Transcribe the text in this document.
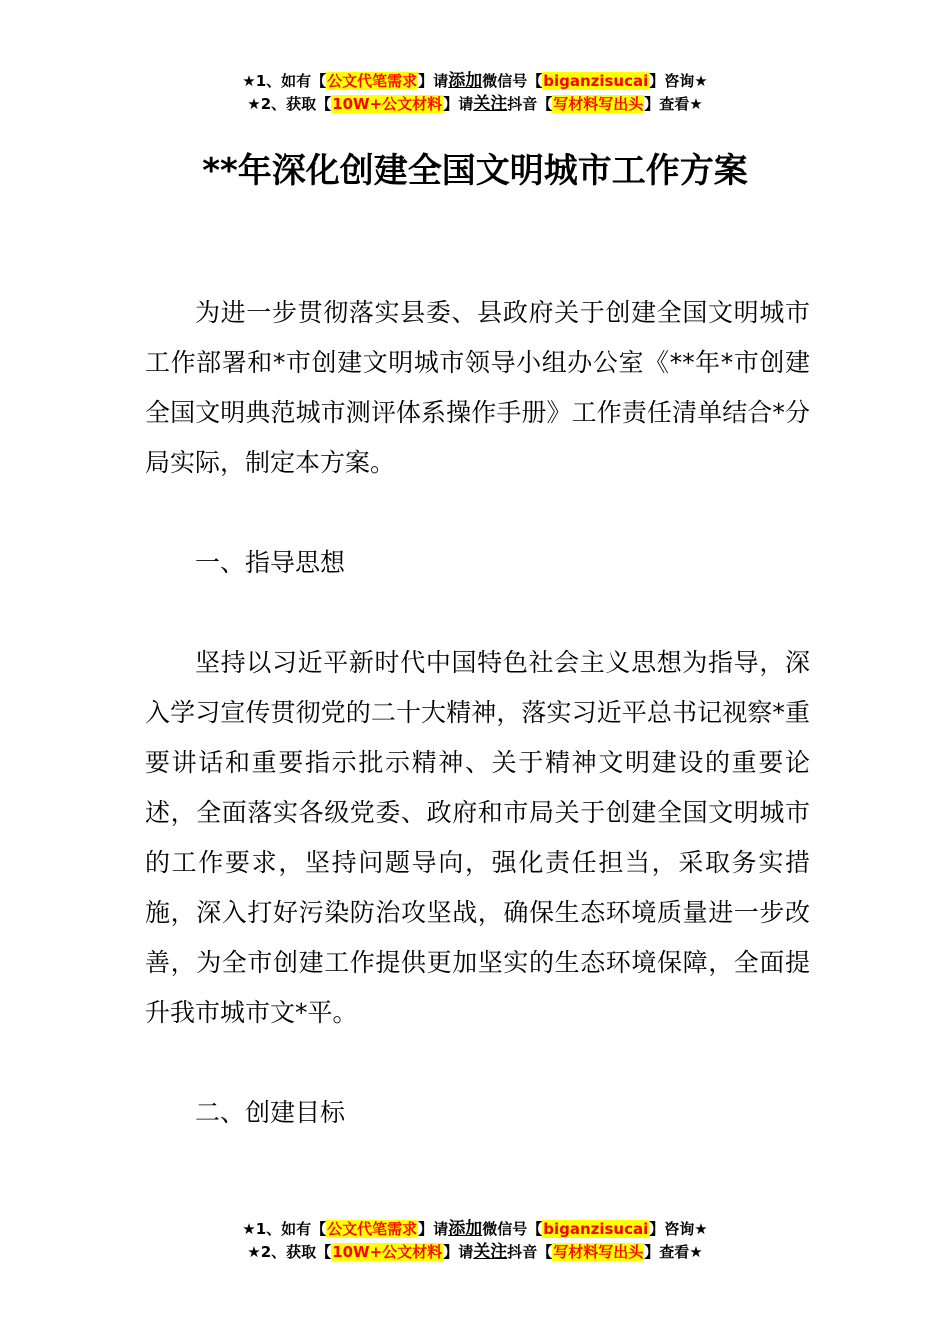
★1、如有【公文代笔需求】请添加微信号【biganzisucai】咨询★
★2、获取【10W+公文材料】请关注抖音【写材料写出头】查看★
**年深化创建全国文明城市工作方案

为进一步贯彻落实县委、县政府关于创建全国文明城市工作部署和*市创建文明城市领导小组办公室《**年*市创建全国文明典范城市测评体系操作手册》工作责任清单结合*分局实际，制定本方案。

一、指导思想

坚持以习近平新时代中国特色社会主义思想为指导，深入学习宣传贯彻党的二十大精神，落实习近平总书记视察*重要讲话和重要指示批示精神、关于精神文明建设的重要论述，全面落实各级党委、政府和市局关于创建全国文明城市的工作要求，坚持问题导向，强化责任担当，采取务实措施，深入打好污染防治攻坚战，确保生态环境质量进一步改善，为全市创建工作提供更加坚实的生态环境保障，全面提升我市城市文*平。

二、创建目标

★1、如有【公文代笔需求】请添加微信号【biganzisucai】咨询★
★2、获取【10W+公文材料】请关注抖音【写材料写出头】查看★
